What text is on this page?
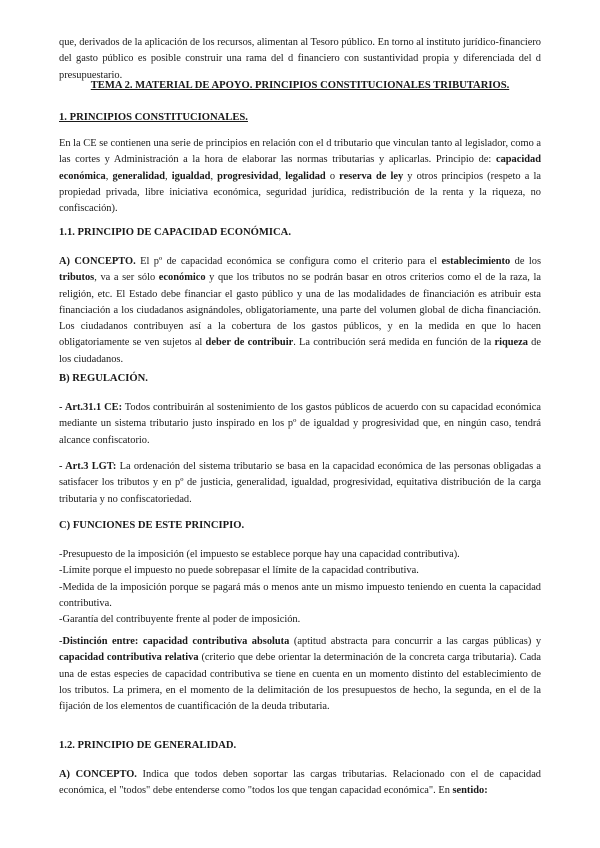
que, derivados de la aplicación de los recursos, alimentan al Tesoro público. En torno al instituto jurídico-financiero del gasto público es posible construir una rama del d financiero con sustantividad propia y diferenciada del d presupuestario.

TEMA 2. MATERIAL DE APOYO. PRINCIPIOS CONSTITUCIONALES TRIBUTARIOS.

1. PRINCIPIOS CONSTITUCIONALES.

En la CE se contienen una serie de principios en relación con el d tributario que vinculan tanto al legislador, como a las cortes y Administración a la hora de elaborar las normas tributarias y aplicarlas. Principio de: capacidad económica, generalidad, igualdad, progresividad, legalidad o reserva de ley y otros principios (respeto a la propiedad privada, libre iniciativa económica, seguridad jurídica, redistribución de la renta y la riqueza, no confiscación).

1.1. PRINCIPIO DE CAPACIDAD ECONÓMICA.

A) CONCEPTO. El pº de capacidad económica se configura como el criterio para el establecimiento de los tributos, va a ser sólo económico y que los tributos no se podrán basar en otros criterios como el de la raza, la religión, etc. El Estado debe financiar el gasto público y una de las modalidades de financiación es atribuir esta financiación a los ciudadanos asignándoles, obligatoriamente, una parte del volumen global de dicha financiación. Los ciudadanos contribuyen así a la cobertura de los gastos públicos, y en la medida en que lo hacen obligatoriamente se ven sujetos al deber de contribuir. La contribución será medida en función de la riqueza de los ciudadanos.

B) REGULACIÓN.

- Art.31.1 CE: Todos contribuirán al sostenimiento de los gastos públicos de acuerdo con su capacidad económica mediante un sistema tributario justo inspirado en los pº de igualdad y progresividad que, en ningún caso, tendrá alcance confiscatorio.

- Art.3 LGT: La ordenación del sistema tributario se basa en la capacidad económica de las personas obligadas a satisfacer los tributos y en pº de justicia, generalidad, igualdad, progresividad, equitativa distribución de la carga tributaria y no confiscatoriedad.

C) FUNCIONES DE ESTE PRINCIPIO.

-Presupuesto de la imposición (el impuesto se establece porque hay una capacidad contributiva).
-Límite porque el impuesto no puede sobrepasar el límite de la capacidad contributiva.
-Medida de la imposición porque se pagará más o menos ante un mismo impuesto teniendo en cuenta la capacidad contributiva.
-Garantía del contribuyente frente al poder de imposición.

-Distinción entre: capacidad contributiva absoluta (aptitud abstracta para concurrir a las cargas públicas) y capacidad contributiva relativa (criterio que debe orientar la determinación de la concreta carga tributaria). Cada una de estas especies de capacidad contributiva se tiene en cuenta en un momento distinto del establecimiento de los tributos. La primera, en el momento de la delimitación de los presupuestos de hecho, la segunda, en el de la fijación de los elementos de cuantificación de la deuda tributaria.

1.2. PRINCIPIO DE GENERALIDAD.

A) CONCEPTO. Indica que todos deben soportar las cargas tributarias. Relacionado con el de capacidad económica, el "todos" debe entenderse como "todos los que tengan capacidad económica". En sentido:
